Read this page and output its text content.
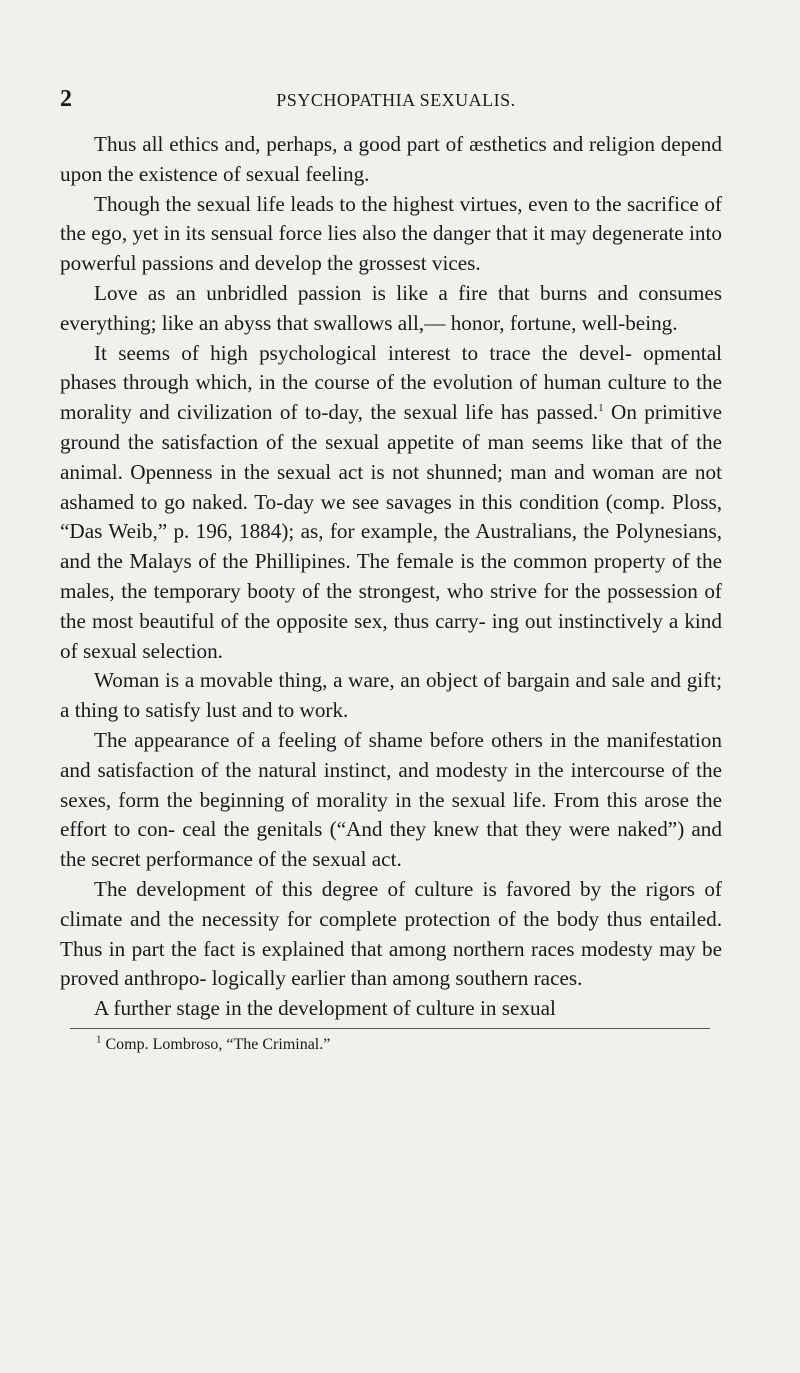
2	PSYCHOPATHIA SEXUALIS.

Thus all ethics and, perhaps, a good part of æsthetics and religion depend upon the existence of sexual feeling.

Though the sexual life leads to the highest virtues, even to the sacrifice of the ego, yet in its sensual force lies also the danger that it may degenerate into powerful passions and develop the grossest vices.

Love as an unbridled passion is like a fire that burns and consumes everything; like an abyss that swallows all,— honor, fortune, well-being.

It seems of high psychological interest to trace the devel- opmental phases through which, in the course of the evolution of human culture to the morality and civilization of to-day, the sexual life has passed.$^1$ On primitive ground the satisfaction of the sexual appetite of man seems like that of the animal. Openness in the sexual act is not shunned; man and woman are not ashamed to go naked. To-day we see savages in this condition (comp. Ploss, “Das Weib,” p. 196, 1884); as, for example, the Australians, the Polynesians, and the Malays of the Phillipines. The female is the common property of the males, the temporary booty of the strongest, who strive for the possession of the most beautiful of the opposite sex, thus carry- ing out instinctively a kind of sexual selection.

Woman is a movable thing, a ware, an object of bargain and sale and gift; a thing to satisfy lust and to work.

The appearance of a feeling of shame before others in the manifestation and satisfaction of the natural instinct, and modesty in the intercourse of the sexes, form the beginning of morality in the sexual life. From this arose the effort to con- ceal the genitals (“And they knew that they were naked”) and the secret performance of the sexual act.

The development of this degree of culture is favored by the rigors of climate and the necessity for complete protection of the body thus entailed. Thus in part the fact is explained that among northern races modesty may be proved anthropo- logically earlier than among southern races.

A further stage in the development of culture in sexual

$^1$ Comp. Lombroso, “The Criminal.”
